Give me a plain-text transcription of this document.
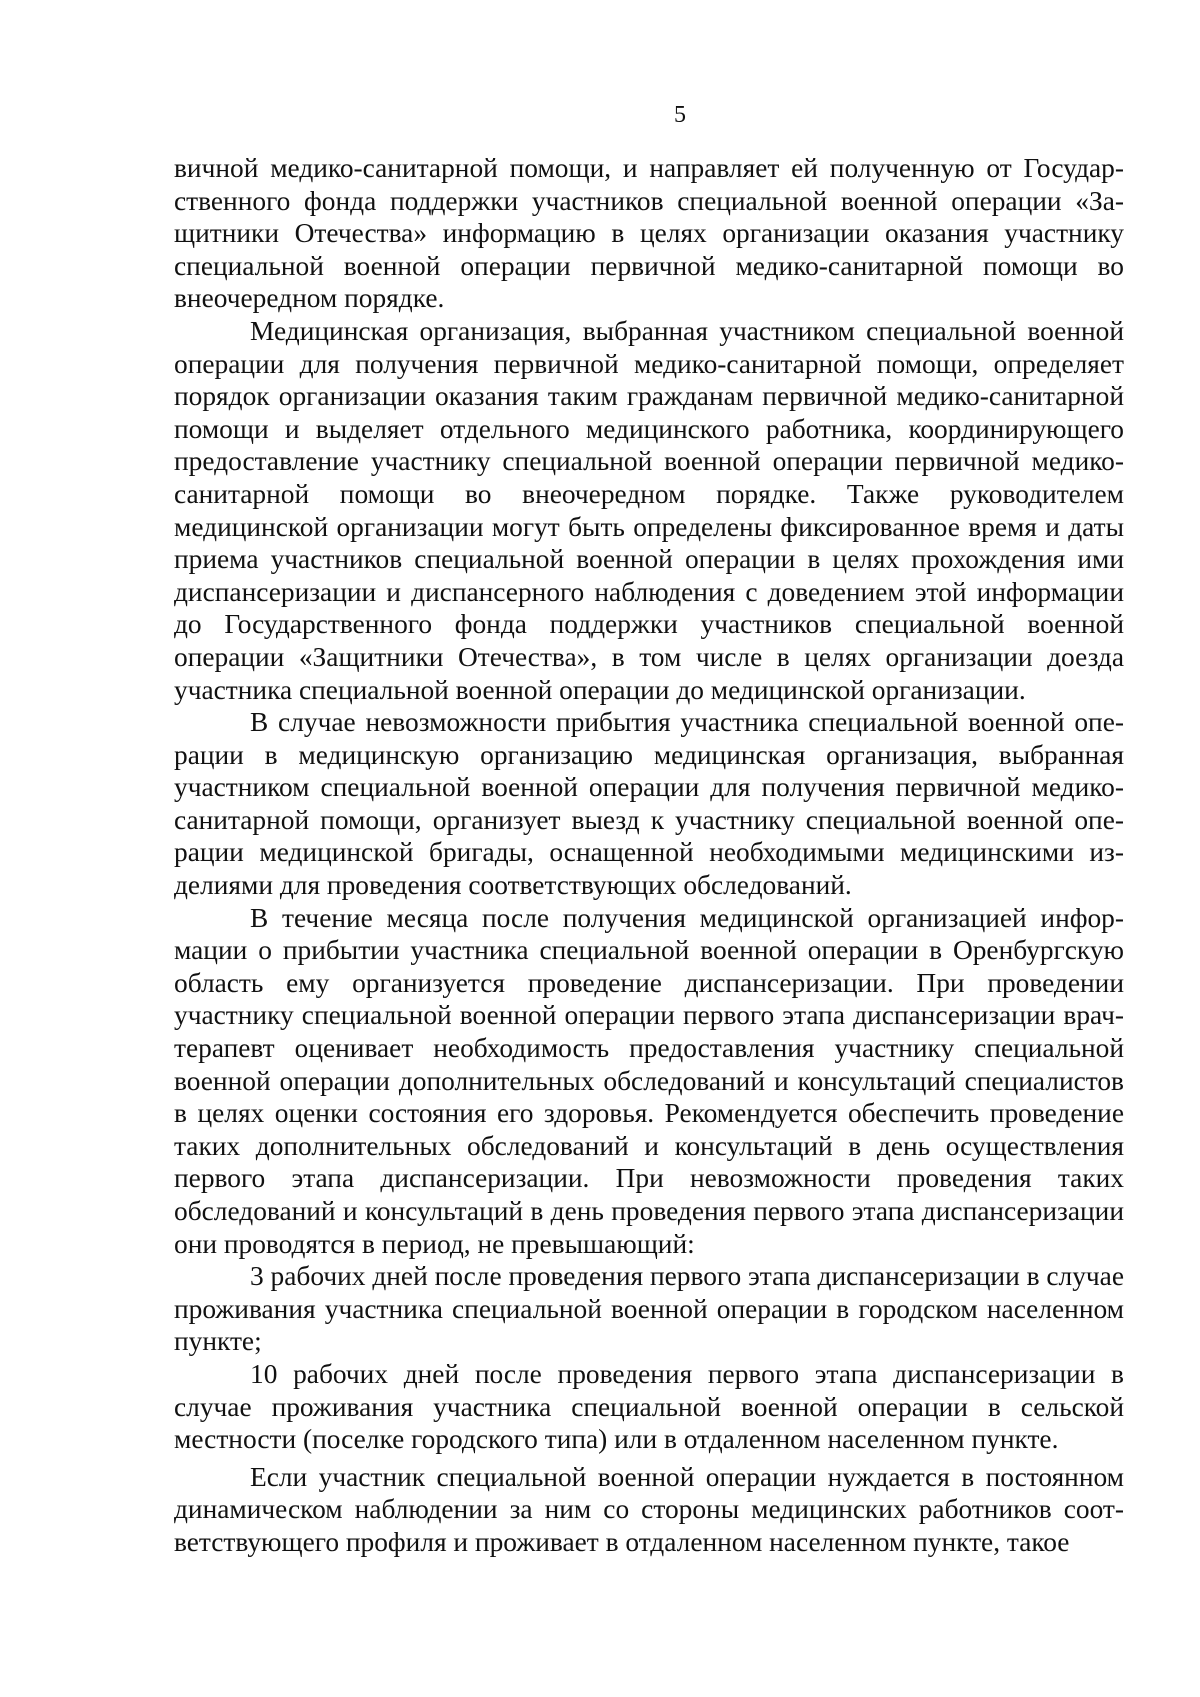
5

вичной медико-санитарной помощи, и направляет ей полученную от Государственного фонда поддержки участников специальной военной операции «Защитники Отечества» информацию в целях организации оказания участнику специальной военной операции первичной медико-санитарной помощи во внеочередном порядке.

Медицинская организация, выбранная участником специальной военной операции для получения первичной медико-санитарной помощи, определяет порядок организации оказания таким гражданам первичной медико-санитарной помощи и выделяет отдельного медицинского работника, координирующего предоставление участнику специальной военной операции первичной медико-санитарной помощи во внеочередном порядке. Также руководителем медицинской организации могут быть определены фиксированное время и даты приема участников специальной военной операции в целях прохождения ими диспансеризации и диспансерного наблюдения с доведением этой информации до Государственного фонда поддержки участников специальной военной операции «Защитники Отечества», в том числе в целях организации доезда участника специальной военной операции до медицинской организации.

В случае невозможности прибытия участника специальной военной операции в медицинскую организацию медицинская организация, выбранная участником специальной военной операции для получения первичной медико-санитарной помощи, организует выезд к участнику специальной военной операции медицинской бригады, оснащенной необходимыми медицинскими изделиями для проведения соответствующих обследований.

В течение месяца после получения медицинской организацией информации о прибытии участника специальной военной операции в Оренбургскую область ему организуется проведение диспансеризации. При проведении участнику специальной военной операции первого этапа диспансеризации врач-терапевт оценивает необходимость предоставления участнику специальной военной операции дополнительных обследований и консультаций специалистов в целях оценки состояния его здоровья. Рекомендуется обеспечить проведение таких дополнительных обследований и консультаций в день осуществления первого этапа диспансеризации. При невозможности проведения таких обследований и консультаций в день проведения первого этапа диспансеризации они проводятся в период, не превышающий:

3 рабочих дней после проведения первого этапа диспансеризации в случае проживания участника специальной военной операции в городском населенном пункте;

10 рабочих дней после проведения первого этапа диспансеризации в случае проживания участника специальной военной операции в сельской местности (поселке городского типа) или в отдаленном населенном пункте.

Если участник специальной военной операции нуждается в постоянном динамическом наблюдении за ним со стороны медицинских работников соответствующего профиля и проживает в отдаленном населенном пункте, такое
